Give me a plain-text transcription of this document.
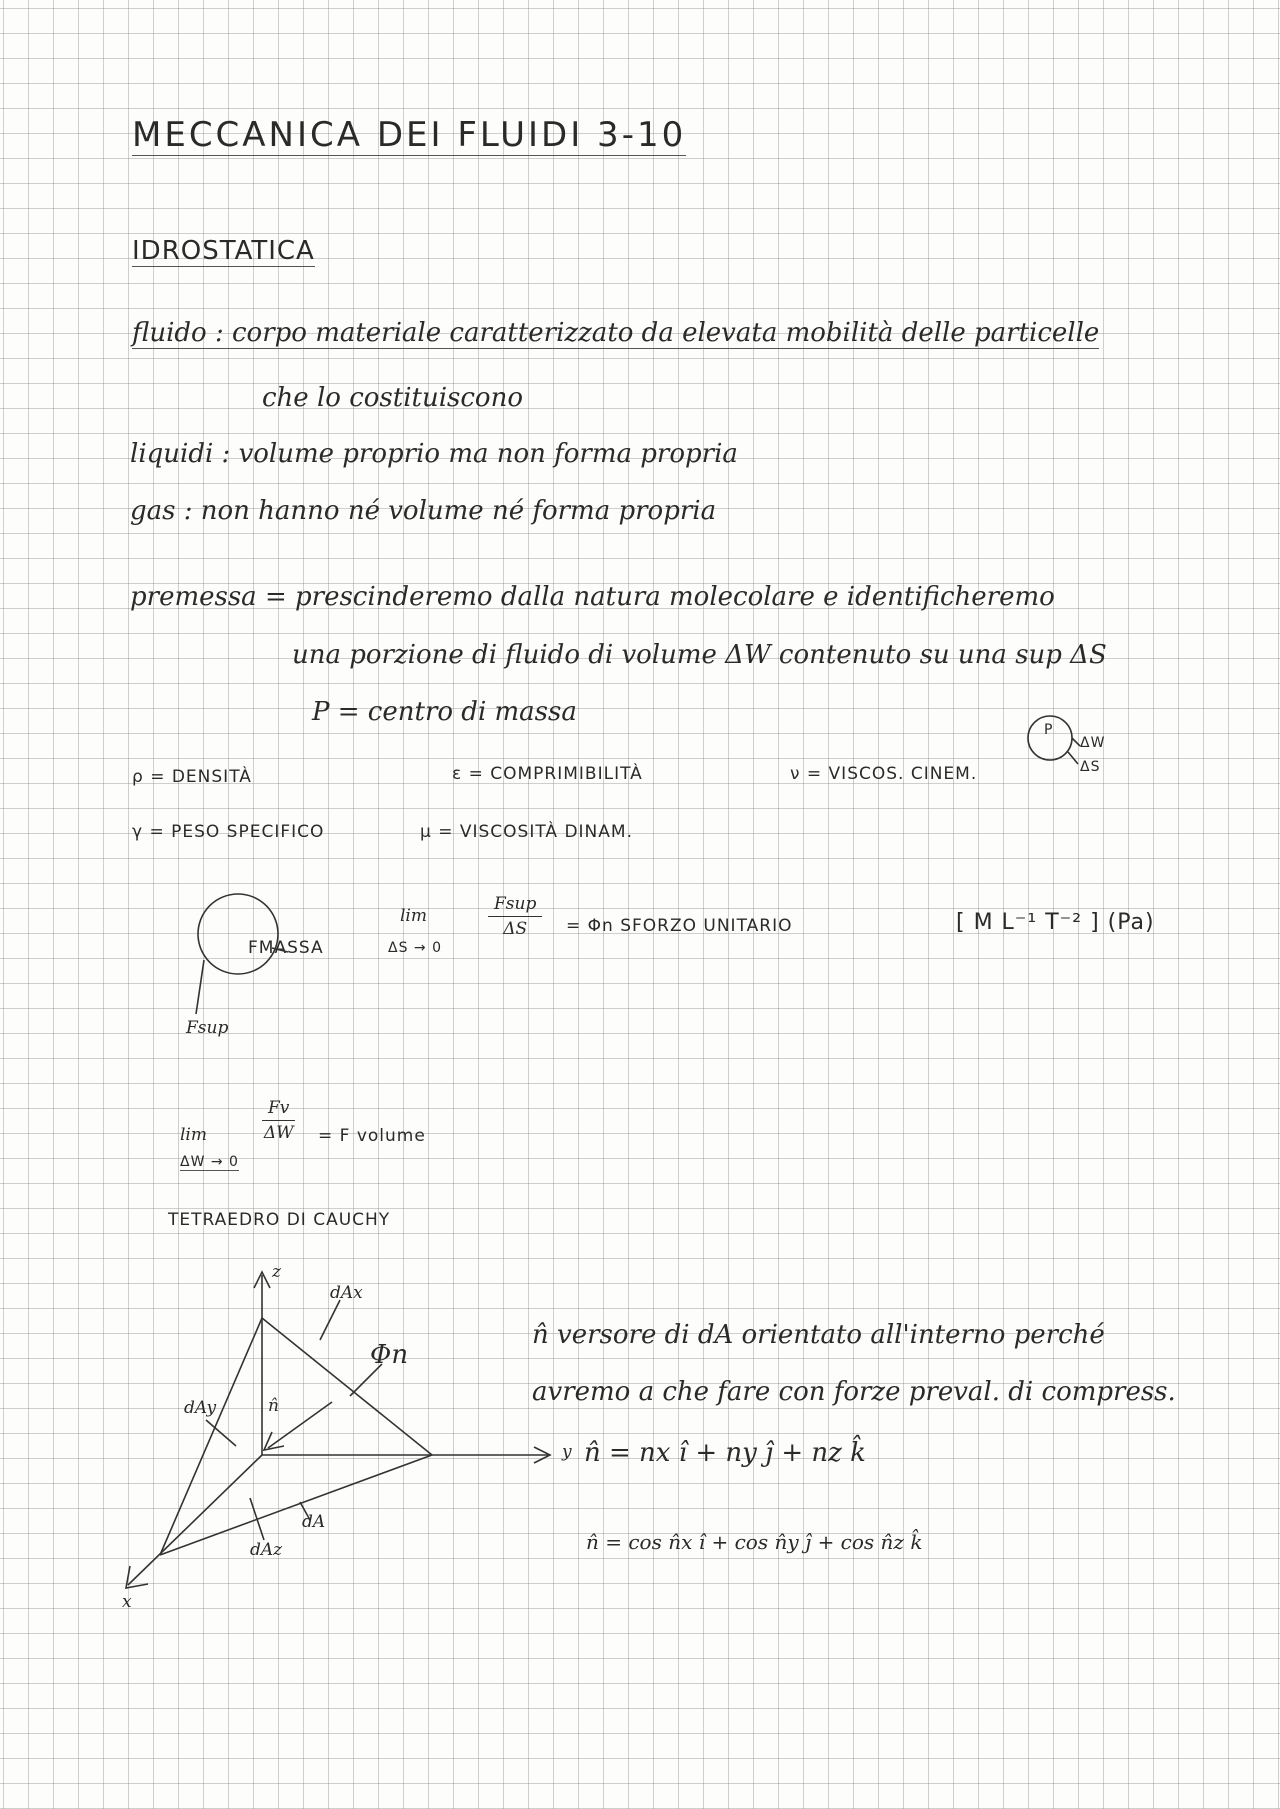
MECCANICA DEI FLUIDI 3-10
IDROSTATICA
fluido : corpo materiale caratterizzato da elevata mobilità delle particelle
che lo costituiscono
liquidi : volume proprio ma non forma propria
gas : non hanno né volume né forma propria
premessa = prescinderemo dalla natura molecolare e identificheremo
una porzione di fluido di volume ΔW contenuto su una sup ΔS
P = centro di massa
ρ = DENSITÀ	ε = COMPRIMIBILITÀ	ν = VISCOS. CINEM.
γ = PESO SPECIFICO	μ = VISCOSITÀ DINAM.
P
ΔW
ΔS
FMASSA
Fsup
lim
ΔS → 0
Fsup
ΔS	= Φn SFORZO UNITARIO	[ M L⁻¹ T⁻² ] (Pa)
lim
ΔW → 0
$\frac{Fv}{\Delta W} = F$ volume
TETRAEDRO DI CAUCHY
z
y
x
dAx
dAy
dAz
dA
Φn
n̂
n̂ versore di dA orientato all'interno perché
avremo a che fare con forze preval. di compress.
n̂ = nx î + ny ĵ + nz k̂
n̂ = cos n̂x î + cos n̂y ĵ + cos n̂z k̂
